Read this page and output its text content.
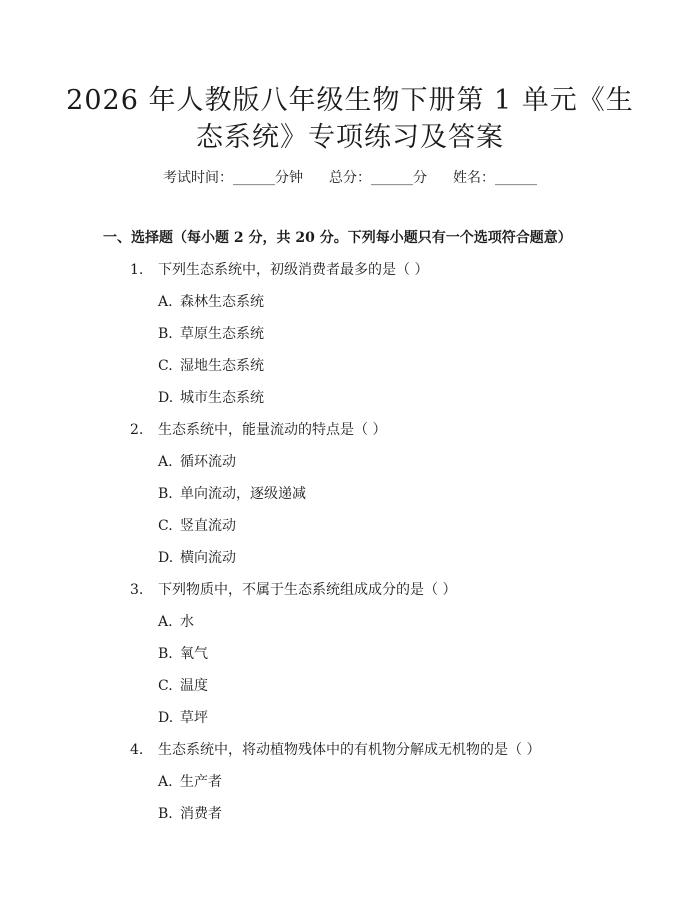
2026 年人教版八年级生物下册第 1 单元《生
态系统》专项练习及答案
考试时间：______分钟 总分：______分 姓名：______
一、选择题（每小题 2 分，共 20 分。下列每小题只有一个选项符合题意）
1. 下列生态系统中，初级消费者最多的是（ ）
A. 森林生态系统
B. 草原生态系统
C. 湿地生态系统
D. 城市生态系统
2. 生态系统中，能量流动的特点是（ ）
A. 循环流动
B. 单向流动，逐级递减
C. 竖直流动
D. 横向流动
3. 下列物质中，不属于生态系统组成成分的是（ ）
A. 水
B. 氧气
C. 温度
D. 草坪
4. 生态系统中，将动植物残体中的有机物分解成无机物的是（ ）
A. 生产者
B. 消费者
